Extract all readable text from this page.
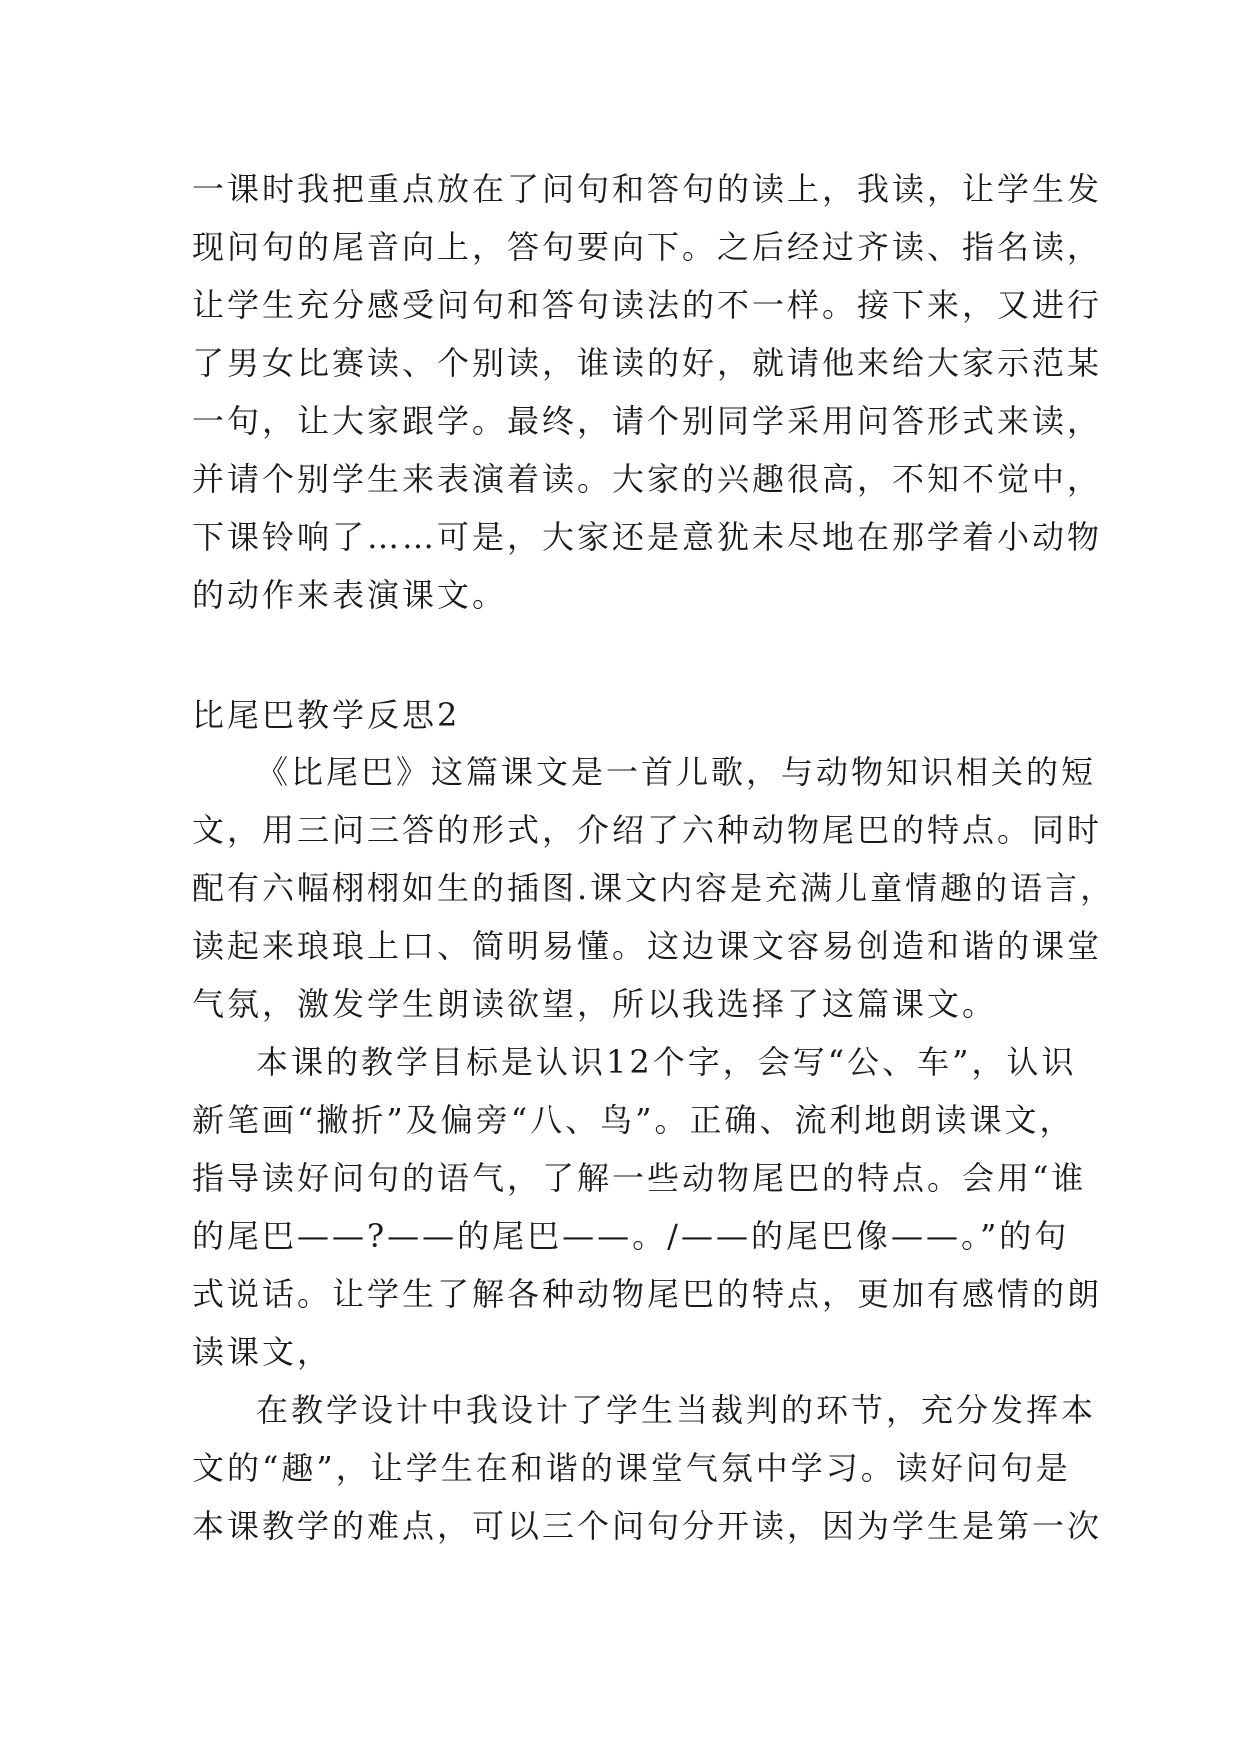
一课时我把重点放在了问句和答句的读上，我读，让学生发
现问句的尾音向上，答句要向下。之后经过齐读、指名读，
让学生充分感受问句和答句读法的不一样。接下来，又进行
了男女比赛读、个别读，谁读的好，就请他来给大家示范某
一句，让大家跟学。最终，请个别同学采用问答形式来读，
并请个别学生来表演着读。大家的兴趣很高，不知不觉中，
下课铃响了……可是，大家还是意犹未尽地在那学着小动物
的动作来表演课文。
比尾巴教学反思2
《比尾巴》这篇课文是一首儿歌，与动物知识相关的短
文，用三问三答的形式，介绍了六种动物尾巴的特点。同时
配有六幅栩栩如生的插图.课文内容是充满儿童情趣的语言，
读起来琅琅上口、简明易懂。这边课文容易创造和谐的课堂
气氛，激发学生朗读欲望，所以我选择了这篇课文。
本课的教学目标是认识12个字，会写“公、车”，认识
新笔画“撇折”及偏旁“八、鸟”。正确、流利地朗读课文，
指导读好问句的语气，了解一些动物尾巴的特点。会用“谁
的尾巴——?——的尾巴——。/——的尾巴像——。”的句
式说话。让学生了解各种动物尾巴的特点，更加有感情的朗
读课文，
在教学设计中我设计了学生当裁判的环节，充分发挥本
文的“趣”，让学生在和谐的课堂气氛中学习。读好问句是
本课教学的难点，可以三个问句分开读，因为学生是第一次
